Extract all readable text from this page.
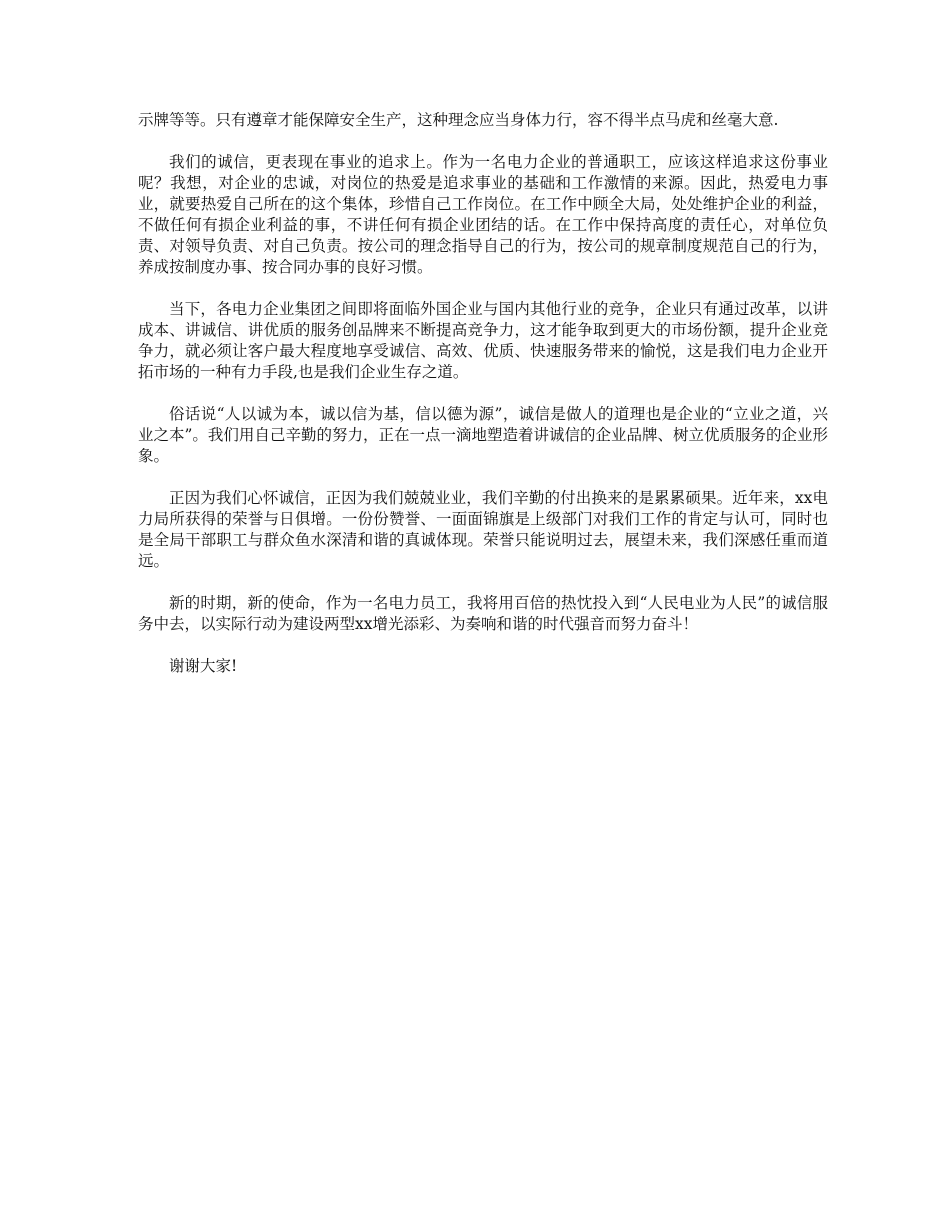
示牌等等。只有遵章才能保障安全生产，这种理念应当身体力行，容不得半点马虎和丝毫大意.

我们的诚信，更表现在事业的追求上。作为一名电力企业的普通职工，应该这样追求这份事业呢？我想，对企业的忠诚，对岗位的热爱是追求事业的基础和工作激情的来源。因此，热爱电力事业，就要热爱自己所在的这个集体，珍惜自己工作岗位。在工作中顾全大局，处处维护企业的利益，不做任何有损企业利益的事，不讲任何有损企业团结的话。在工作中保持高度的责任心，对单位负责、对领导负责、对自己负责。按公司的理念指导自己的行为，按公司的规章制度规范自己的行为，养成按制度办事、按合同办事的良好习惯。

当下，各电力企业集团之间即将面临外国企业与国内其他行业的竞争，企业只有通过改革，以讲成本、讲诚信、讲优质的服务创品牌来不断提高竞争力，这才能争取到更大的市场份额，提升企业竞争力，就必须让客户最大程度地享受诚信、高效、优质、快速服务带来的愉悦，这是我们电力企业开拓市场的一种有力手段,也是我们企业生存之道。

俗话说“人以诚为本，诚以信为基，信以德为源”，诚信是做人的道理也是企业的“立业之道，兴业之本”。我们用自己辛勤的努力，正在一点一滴地塑造着讲诚信的企业品牌、树立优质服务的企业形象。

正因为我们心怀诚信，正因为我们兢兢业业，我们辛勤的付出换来的是累累硕果。近年来，xx电力局所获得的荣誉与日俱增。一份份赞誉、一面面锦旗是上级部门对我们工作的肯定与认可，同时也是全局干部职工与群众鱼水深清和谐的真诚体现。荣誉只能说明过去，展望未来，我们深感任重而道远。

新的时期，新的使命，作为一名电力员工，我将用百倍的热忱投入到“人民电业为人民”的诚信服务中去，以实际行动为建设两型xx增光添彩、为奏响和谐的时代强音而努力奋斗！

谢谢大家!
